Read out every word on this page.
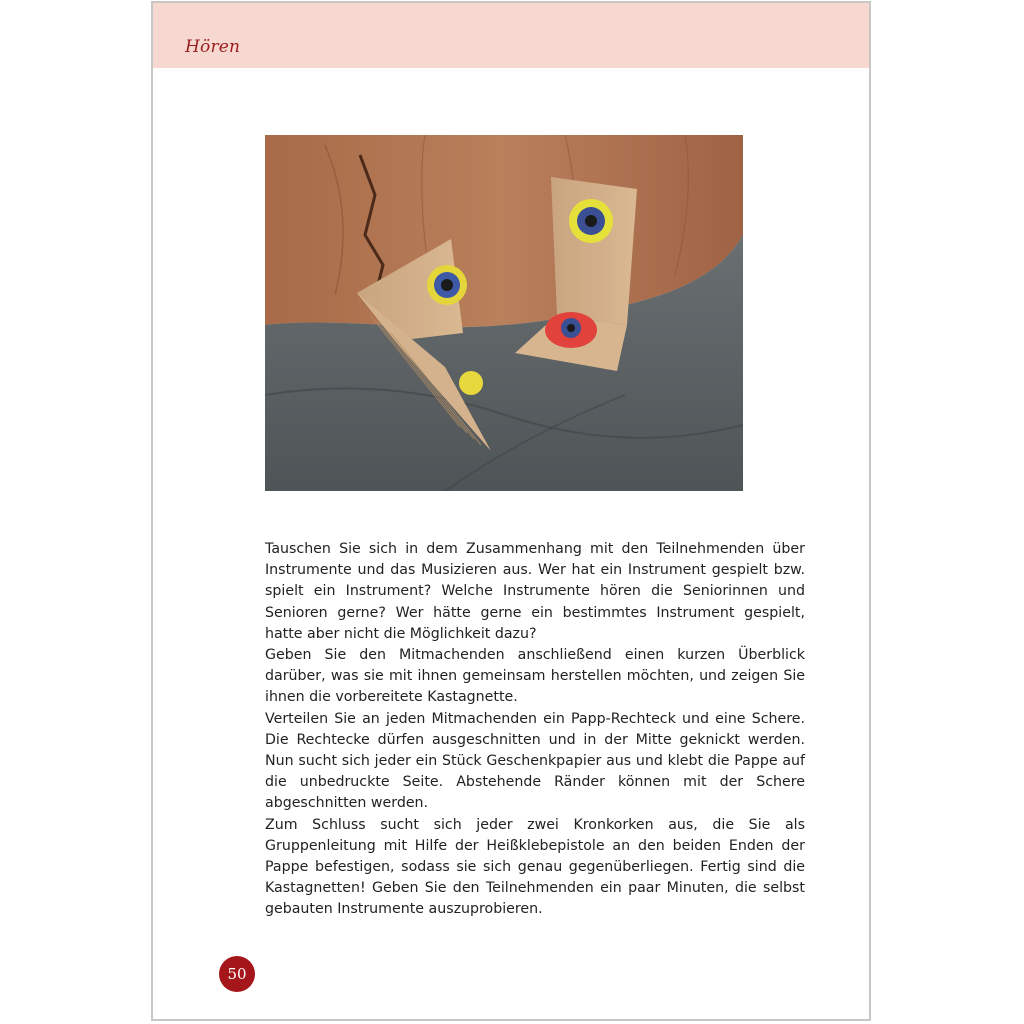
Hören

Tauschen Sie sich in dem Zusammenhang mit den Teilnehmenden über Instrumente und das Musizieren aus. Wer hat ein Instrument gespielt bzw. spielt ein Instrument? Welche Instrumente hören die Seniorinnen und Senioren gerne? Wer hätte gerne ein bestimmtes Instrument gespielt, hatte aber nicht die Möglichkeit dazu?

Geben Sie den Mitmachenden anschließend einen kurzen Überblick darüber, was sie mit ihnen gemeinsam herstellen möchten, und zeigen Sie ihnen die vorbereitete Kastagnette.

Verteilen Sie an jeden Mitmachenden ein Papp-Rechteck und eine Schere. Die Rechtecke dürfen ausgeschnitten und in der Mitte geknickt werden. Nun sucht sich jeder ein Stück Geschenkpapier aus und klebt die Pappe auf die unbedruckte Seite. Abstehende Ränder können mit der Schere abgeschnitten werden.

Zum Schluss sucht sich jeder zwei Kronkorken aus, die Sie als Gruppenleitung mit Hilfe der Heißklebepistole an den beiden Enden der Pappe befestigen, sodass sie sich genau gegenüberliegen. Fertig sind die Kastagnetten! Geben Sie den Teilnehmenden ein paar Minuten, die selbst gebauten Instrumente auszuprobieren.

50
